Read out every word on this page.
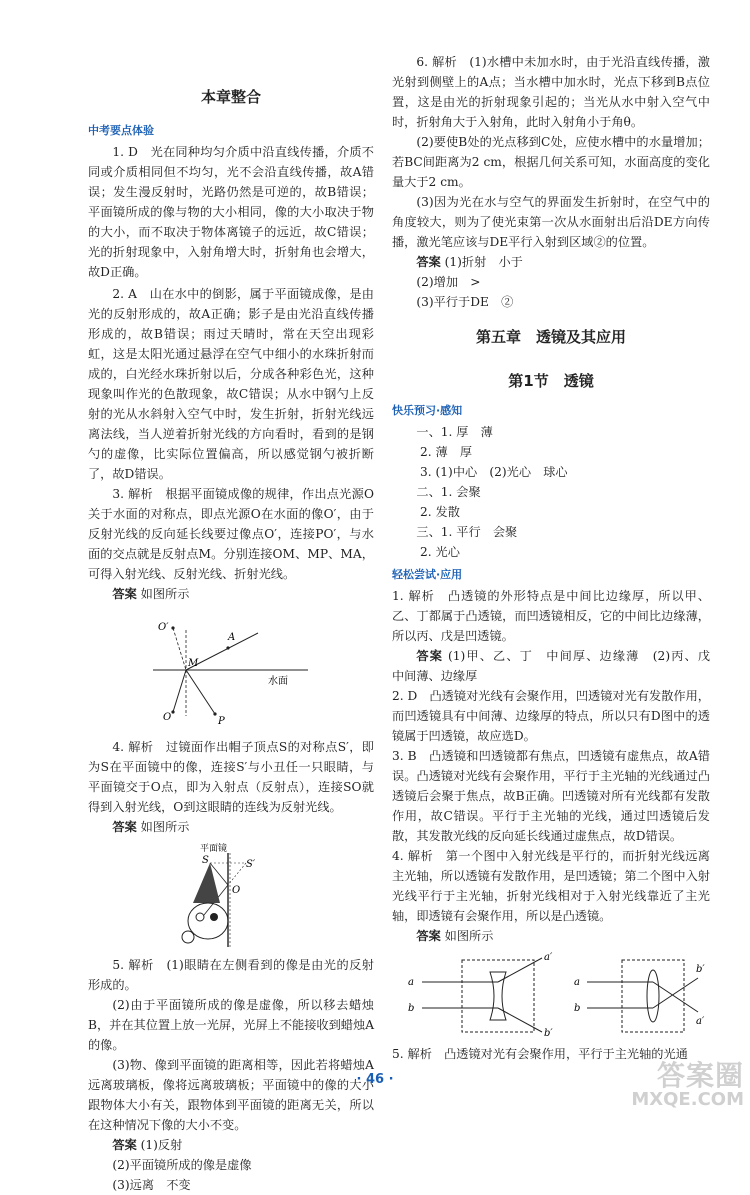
本章整合
中考要点体验

1. D　光在同种均匀介质中沿直线传播，介质不同或介质相同但不均匀，光不会沿直线传播，故A错误；发生漫反射时，光路仍然是可逆的，故B错误；平面镜所成的像与物的大小相同，像的大小取决于物的大小，而不取决于物体离镜子的远近，故C错误；光的折射现象中，入射角增大时，折射角也会增大，故D正确。

2. A　山在水中的倒影，属于平面镜成像，是由光的反射形成的，故A正确；影子是由光沿直线传播形成的，故B错误；雨过天晴时，常在天空出现彩虹，这是太阳光通过悬浮在空气中细小的水珠折射而成的，白光经水珠折射以后，分成各种彩色光，这种现象叫作光的色散现象，故C错误；从水中钢勺上反射的光从水斜射入空气中时，发生折射，折射光线远离法线，当人逆着折射光线的方向看时，看到的是钢勺的虚像，比实际位置偏高，所以感觉钢勺被折断了，故D错误。

3. 解析　根据平面镜成像的规律，作出点光源O关于水面的对称点，即点光源O在水面的像O′，由于反射光线的反向延长线要过像点O′，连接PO′，与水面的交点就是反射点M。分别连接OM、MP、MA，可得入射光线、反射光线、折射光线。

答案 如图所示

水面
O′
M
A
O	P

4. 解析　过镜面作出帽子顶点S的对称点S′，即为S在平面镜中的像，连接S′与小丑任一只眼睛，与平面镜交于O点，即为入射点（反射点），连接SO就得到入射光线，O到这眼睛的连线为反射光线。

答案 如图所示

平面镜
S	S′
O

5. 解析　(1)眼睛在左侧看到的像是由光的反射形成的。

(2)由于平面镜所成的像是虚像，所以移去蜡烛B，并在其位置上放一光屏，光屏上不能接收到蜡烛A的像。

(3)物、像到平面镜的距离相等，因此若将蜡烛A远离玻璃板，像将远离玻璃板；平面镜中的像的大小跟物体大小有关，跟物体到平面镜的距离无关，所以在这种情况下像的大小不变。

答案 (1)反射

(2)平面镜所成的像是虚像

(3)远离　不变

6. 解析　(1)水槽中未加水时，由于光沿直线传播，激光射到侧壁上的A点；当水槽中加水时，光点下移到B点位置，这是由光的折射现象引起的；当光从水中射入空气中时，折射角大于入射角，此时入射角小于角θ。

(2)要使B处的光点移到C处，应使水槽中的水量增加；若BC间距离为2 cm，根据几何关系可知，水面高度的变化量大于2 cm。

(3)因为光在水与空气的界面发生折射时，在空气中的角度较大，则为了使光束第一次从水面射出后沿DE方向传播，激光笔应该与DE平行入射到区域②的位置。

答案 (1)折射　小于

(2)增加　>

(3)平行于DE　②

第五章　透镜及其应用
第1节　透镜
快乐预习·感知

一、1. 厚　薄

2. 薄　厚

3. (1)中心　(2)光心　球心

二、1. 会聚

2. 发散

三、1. 平行　会聚

2. 光心

轻松尝试·应用

1. 解析　凸透镜的外形特点是中间比边缘厚，所以甲、乙、丁都属于凸透镜，而凹透镜相反，它的中间比边缘薄，所以丙、戊是凹透镜。

答案 (1)甲、乙、丁　中间厚、边缘薄　(2)丙、戊　中间薄、边缘厚

2. D　凸透镜对光线有会聚作用，凹透镜对光有发散作用，而凹透镜具有中间薄、边缘厚的特点，所以只有D图中的透镜属于凹透镜，故应选D。

3. B　凸透镜和凹透镜都有焦点，凹透镜有虚焦点，故A错误。凸透镜对光线有会聚作用，平行于主光轴的光线通过凸透镜后会聚于焦点，故B正确。凹透镜对所有光线都有发散作用，故C错误。平行于主光轴的光线，通过凹透镜后发散，其发散光线的反向延长线通过虚焦点，故D错误。

4. 解析　第一个图中入射光线是平行的，而折射光线远离主光轴，所以透镜有发散作用，是凹透镜；第二个图中入射光线平行于主光轴，折射光线相对于入射光线靠近了主光轴，即透镜有会聚作用，所以是凸透镜。

答案 如图所示

a
b
a′
b′
a
b
a′
b′

5. 解析　凸透镜对光有会聚作用，平行于主光轴的光通

· 46 ·	答案圈
MXQE.COM
